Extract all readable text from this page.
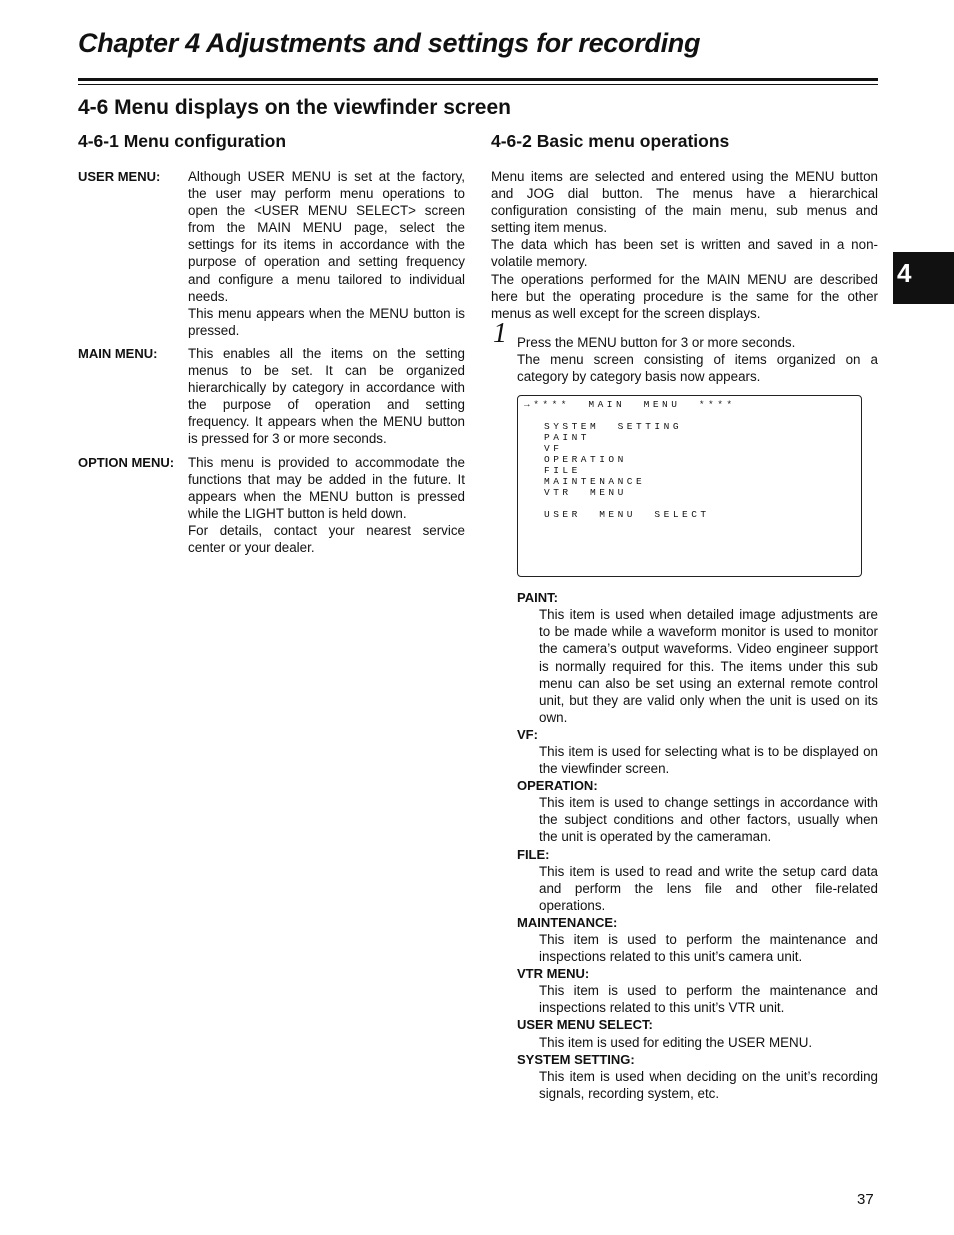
Chapter 4 Adjustments and settings for recording
4-6 Menu displays on the viewfinder screen
4-6-1 Menu configuration	4-6-2 Basic menu operations
USER MENU:	Although USER MENU is set at the factory, the user may perform menu operations to open the <USER MENU SELECT> screen from the MAIN MENU page, select the settings for its items in accordance with the purpose of operation and setting frequency and configure a menu tailored to individual needs.

This menu appears when the MENU button is pressed.

MAIN MENU:	This enables all the items on the setting menus to be set. It can be organized hierarchically by category in accordance with the purpose of operation and setting frequency. It appears when the MENU button is pressed for 3 or more seconds.

OPTION MENU:	This menu is provided to accommodate the functions that may be added in the future. It appears when the MENU button is pressed while the LIGHT button is held down.

For details, contact your nearest service center or your dealer.

Menu items are selected and entered using the MENU button and JOG dial button. The menus have a hierarchical configuration consisting of the main menu, sub menus and setting item menus.

The data which has been set is written and saved in a non-volatile memory.

The operations performed for the MAIN MENU are described here but the operating procedure is the same for the other menus as well except for the screen displays.

1 Press the MENU button for 3 or more seconds.

The menu screen consisting of items organized on a category by category basis now appears.

→****  MAIN  MENU  ****
SYSTEM  SETTING
PAINT
VF
OPERATION
FILE
MAINTENANCE
VTR  MENU
USER  MENU  SELECT
PAINT:

This item is used when detailed image adjustments are to be made while a waveform monitor is used to monitor the camera’s output waveforms. Video engineer support is normally required for this. The items under this sub menu can also be set using an external remote control unit, but they are valid only when the unit is used on its own.

VF:

This item is used for selecting what is to be displayed on the viewfinder screen.

OPERATION:

This item is used to change settings in accordance with the subject conditions and other factors, usually when the unit is operated by the cameraman.

FILE:

This item is used to read and write the setup card data and perform the lens file and other file-related operations.

MAINTENANCE:

This item is used to perform the maintenance and inspections related to this unit’s camera unit.

VTR MENU:

This item is used to perform the maintenance and inspections related to this unit’s VTR unit.

USER MENU SELECT:

This item is used for editing the USER MENU.

SYSTEM SETTING:

This item is used when deciding on the unit’s recording signals, recording system, etc.

4
37
